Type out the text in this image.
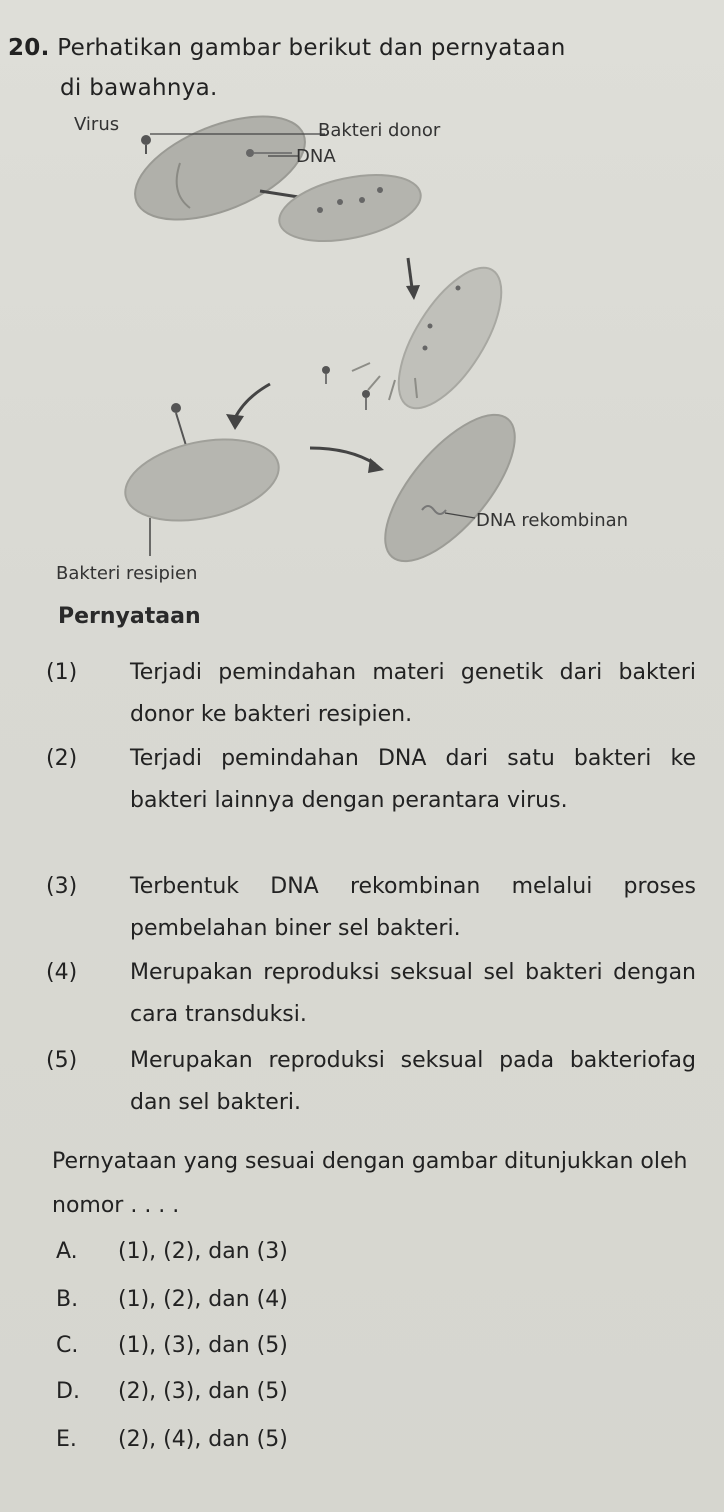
20. Perhatikan gambar berikut dan pernyataan
di bawahnya.
Virus	Bakteri donor
DNA
DNA rekombinan
Bakteri resipien
Pernyataan
(1)	Terjadi pemindahan materi genetik dari bakteri donor ke bakteri resipien.
(2)	Terjadi pemindahan DNA dari satu bakteri ke bakteri lainnya dengan perantara virus.
(3)	Terbentuk DNA rekombinan melalui proses pembelahan biner sel bakteri.
(4)	Merupakan reproduksi seksual sel bakteri dengan cara transduksi.
(5)	Merupakan reproduksi seksual pada bakteriofag dan sel bakteri.
Pernyataan yang sesuai dengan gambar ditunjukkan oleh nomor . . . .
A. (1), (2), dan (3)
B. (1), (2), dan (4)
C. (1), (3), dan (5)
D. (2), (3), dan (5)
E. (2), (4), dan (5)
